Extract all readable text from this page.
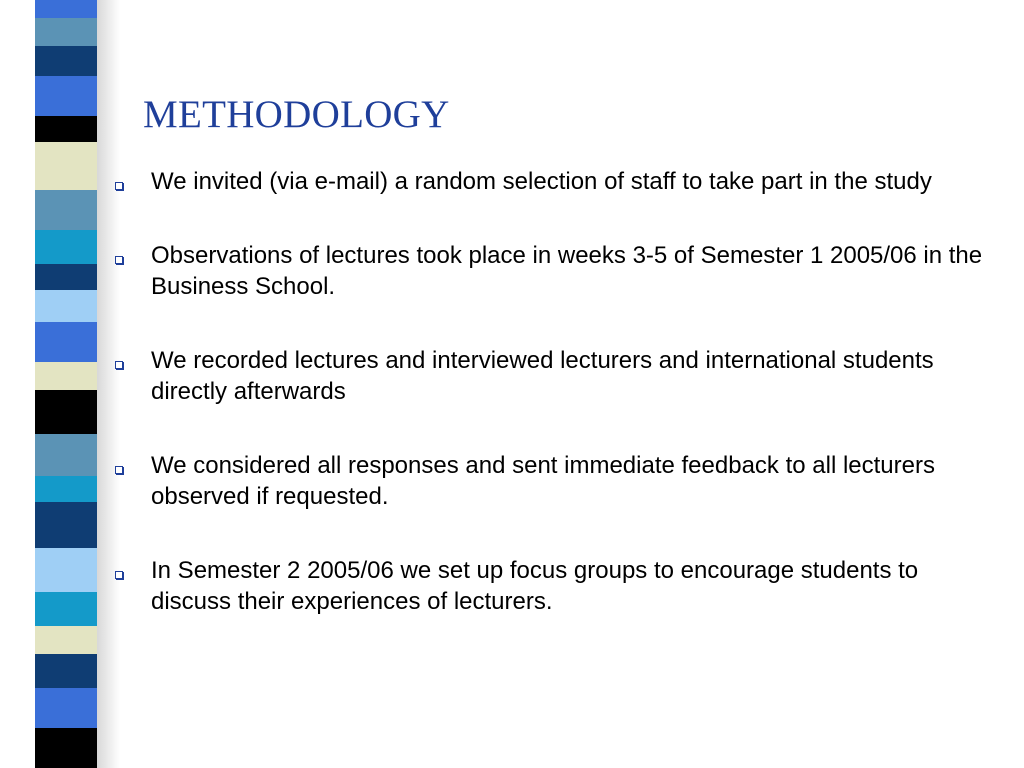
METHODOLOGY
We invited (via e-mail) a random selection of staff to take part in the study
Observations of lectures took place in weeks 3-5 of Semester 1 2005/06 in the Business School.
We recorded lectures and interviewed lecturers and international students directly afterwards
We considered all responses and sent immediate feedback to all lecturers observed if requested.
In Semester 2 2005/06 we set up focus groups to encourage students to discuss their experiences of lecturers.
